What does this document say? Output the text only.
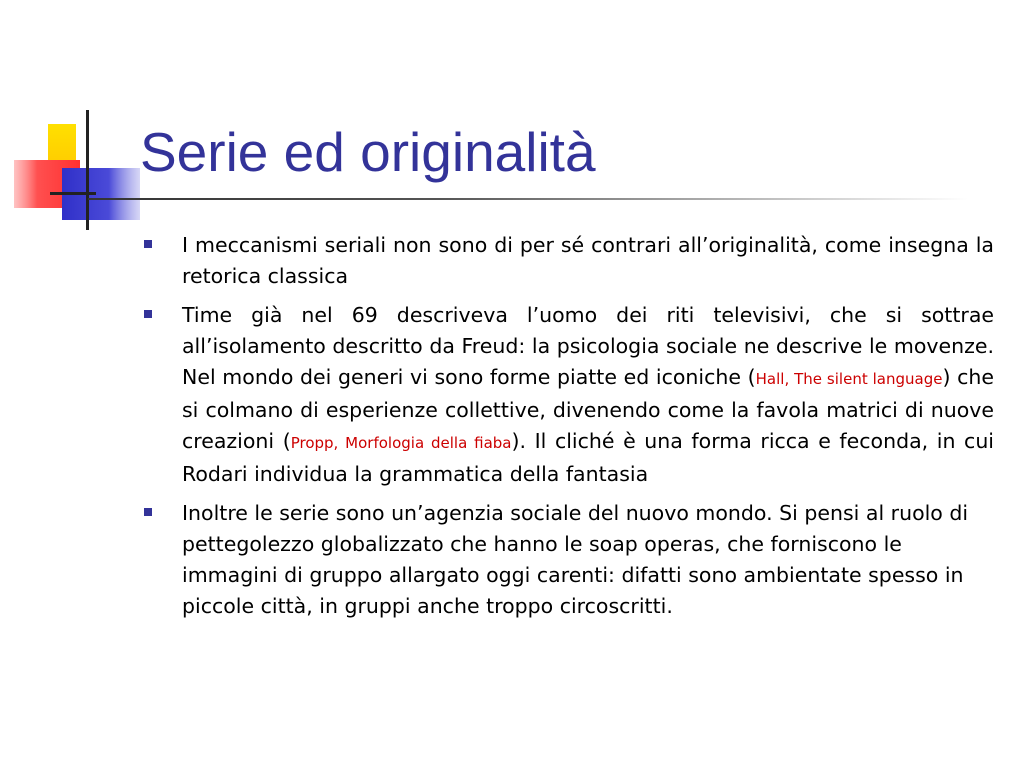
Serie ed originalità
I meccanismi seriali non sono di per sé contrari all’originalità, come insegna la retorica classica
Time già nel 69 descriveva l’uomo dei riti televisivi, che si sottrae all’isolamento descritto da Freud: la psicologia sociale ne descrive le movenze. Nel mondo dei generi vi sono forme piatte ed iconiche (Hall, The silent language) che si colmano di esperienze collettive, divenendo come la favola matrici di nuove creazioni (Propp, Morfologia della fiaba). Il cliché è una forma ricca e feconda, in cui Rodari individua la grammatica della fantasia
Inoltre le serie sono un’agenzia sociale del nuovo mondo. Si pensi al ruolo di pettegolezzo globalizzato che hanno le soap operas, che forniscono le immagini di gruppo allargato oggi carenti: difatti sono ambientate spesso in piccole città, in gruppi anche troppo circoscritti.
